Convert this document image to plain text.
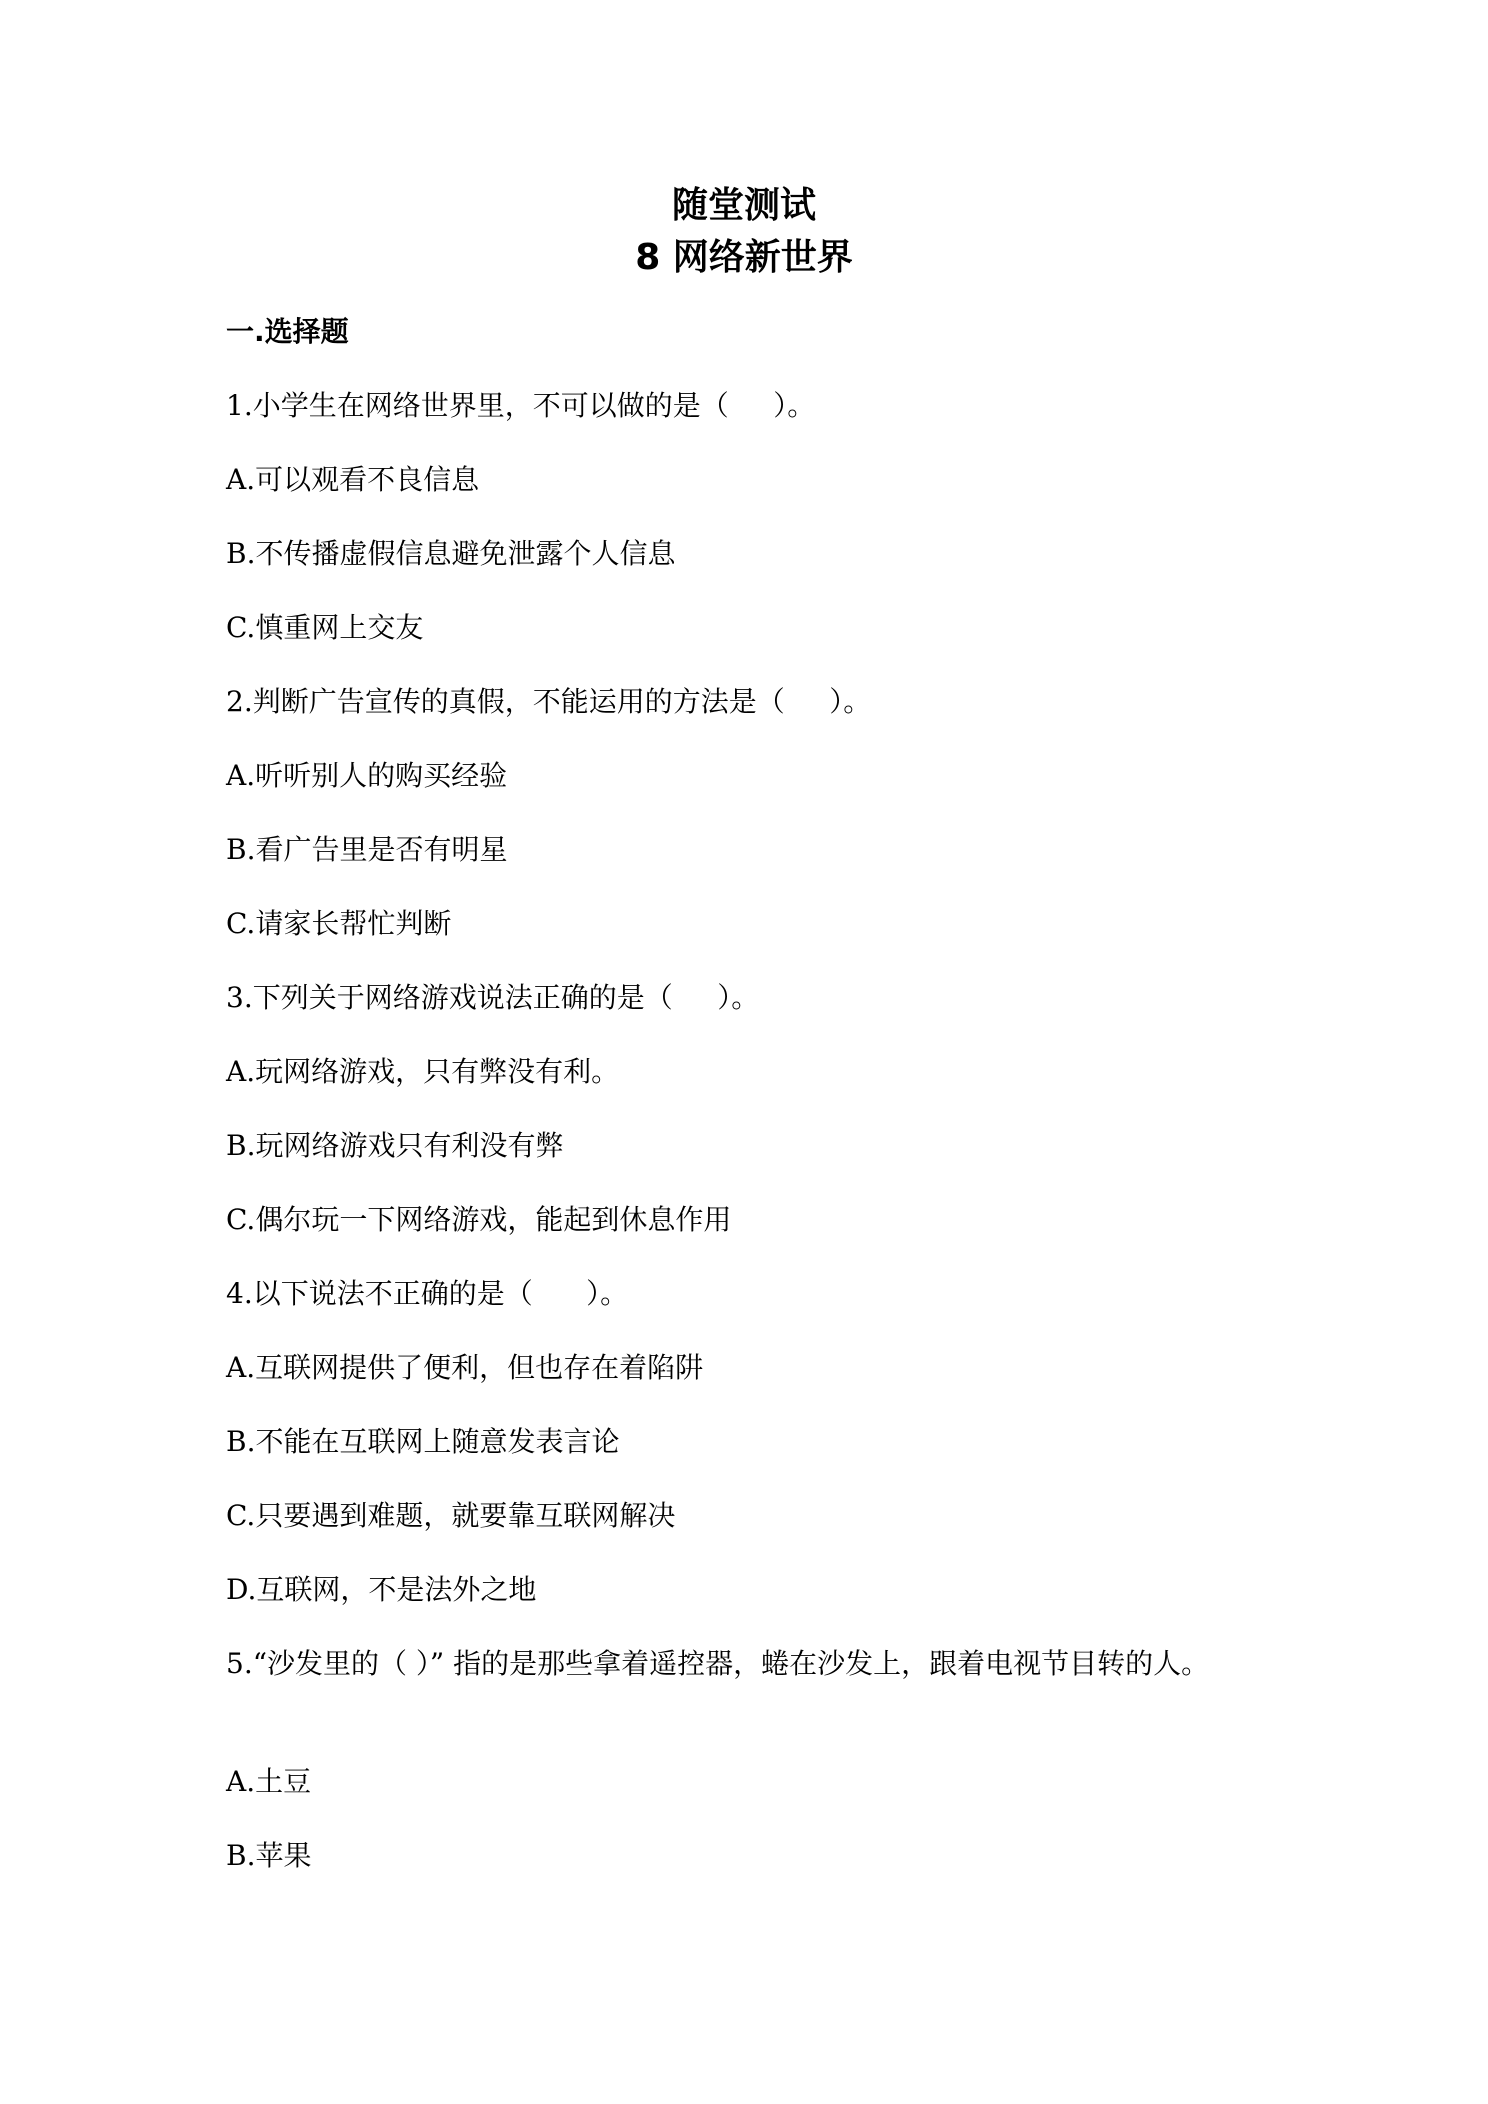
随堂测试
8 网络新世界
一.选择题
1.小学生在网络世界里，不可以做的是（     ）。
A.可以观看不良信息
B.不传播虚假信息避免泄露个人信息
C.慎重网上交友
2.判断广告宣传的真假，不能运用的方法是（     ）。
A.听听别人的购买经验
B.看广告里是否有明星
C.请家长帮忙判断
3.下列关于网络游戏说法正确的是（     ）。
A.玩网络游戏，只有弊没有利。
B.玩网络游戏只有利没有弊
C.偶尔玩一下网络游戏，能起到休息作用
4.以下说法不正确的是（      ）。
A.互联网提供了便利，但也存在着陷阱
B.不能在互联网上随意发表言论
C.只要遇到难题，就要靠互联网解决
D.互联网，不是法外之地
5.“沙发里的（ ）” 指的是那些拿着遥控器，蜷在沙发上，跟着电视节目转的人。
A.土豆
B.苹果
